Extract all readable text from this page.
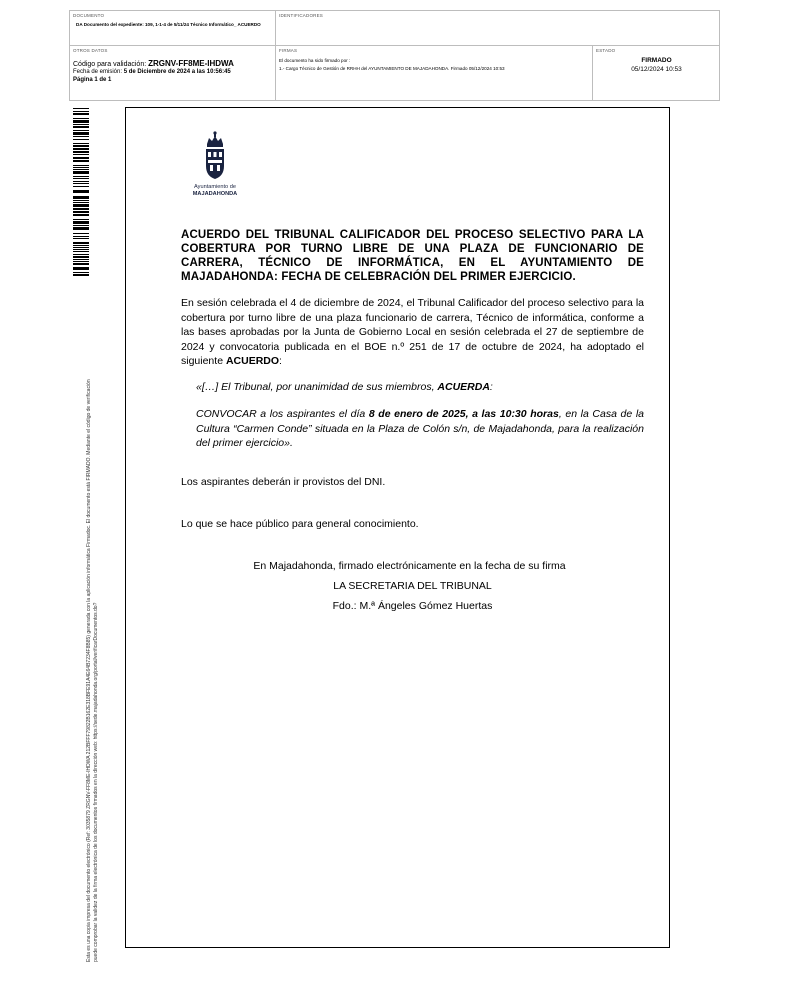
DOCUMENTO
DA Documento del expediente: 109, 1-1-4 de 5/11/24 Técnico Informático_ ACUERDO
IDENTIFICADORES
OTROS DATOS
Código para validación: ZRGNV-FF8ME-IHDWA
Fecha de emisión: 5 de Diciembre de 2024 a las 10:56:45
Página 1 de 1
FIRMAS
El documento ha sido firmado por :
1.- Cargo Técnico de Gestión de RRHH del AYUNTAMIENTO DE MAJADAHONDA. Firmado 05/12/2024 10:53
ESTADO
FIRMADO
05/12/2024 10:53
Esta es una copia impresa del documento electrónico (Ref: 3035879 ZRGNV-FF8ME-IHDWA 212BFFF79822B162E318BFE91A4E64B7234F8B85) generada con la aplicación informática Firmadoc. El documento está FIRMADO. Mediante el código de verificación puede comprobar la validez de la firma electrónica de los documentos firmados en la dirección web: https://sede.majadahonda.org/portal/verificarDocumentos.do?
Ayuntamiento de
MAJADAHONDA
ACUERDO DEL TRIBUNAL CALIFICADOR DEL PROCESO SELECTIVO PARA LA COBERTURA POR TURNO LIBRE DE UNA PLAZA DE FUNCIONARIO DE CARRERA, TÉCNICO DE INFORMÁTICA, EN EL AYUNTAMIENTO DE MAJADAHONDA: FECHA DE CELEBRACIÓN DEL PRIMER EJERCICIO.
En sesión celebrada el 4 de diciembre de 2024, el Tribunal Calificador del proceso selectivo para la cobertura por turno libre de una plaza funcionario de carrera, Técnico de informática, conforme a las bases aprobadas por la Junta de Gobierno Local en sesión celebrada el 27 de septiembre de 2024 y convocatoria publicada en el BOE n.º 251 de 17 de octubre de 2024, ha adoptado el siguiente ACUERDO:
«[…] El Tribunal, por unanimidad de sus miembros, ACUERDA:
CONVOCAR a los aspirantes el día 8 de enero de 2025, a las 10:30 horas, en la Casa de la Cultura “Carmen Conde” situada en la Plaza de Colón s/n, de Majadahonda, para la realización del primer ejercicio».
Los aspirantes deberán ir provistos del DNI.
Lo que se hace público para general conocimiento.
En Majadahonda, firmado electrónicamente en la fecha de su firma
LA SECRETARIA DEL TRIBUNAL
Fdo.: M.ª Ángeles Gómez Huertas
